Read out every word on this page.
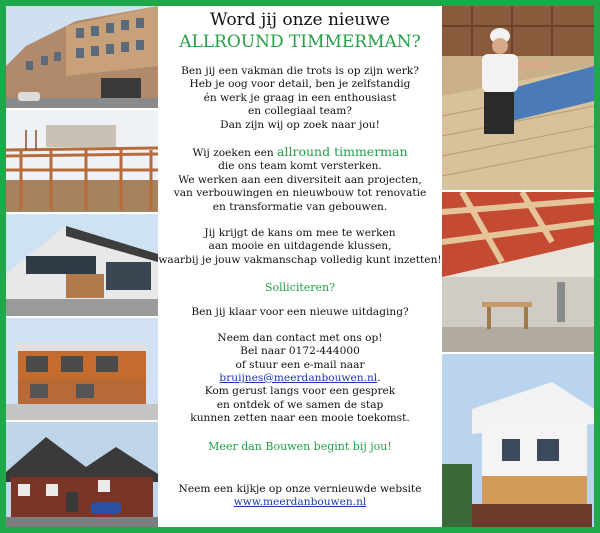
Word jij onze nieuwe
ALLROUND TIMMERMAN?
Ben jij een vakman die trots is op zijn werk?
Heb je oog voor detail, ben je zelfstandig
én werk je graag in een enthousiast
en collegiaal team?
Dan zijn wij op zoek naar jou!
Wij zoeken een allround timmerman
die ons team komt versterken.
We werken aan een diversiteit aan projecten,
van verbouwingen en nieuwbouw tot renovatie
en transformatie van gebouwen.
Jij krijgt de kans om mee te werken
aan mooie en uitdagende klussen,
waarbij je jouw vakmanschap volledig kunt inzetten!
Solliciteren?
Ben jij klaar voor een nieuwe uitdaging?
Neem dan contact met ons op!
Bel naar 0172-444000
of stuur een e-mail naar
bruijnes@meerdanbouwen.nl.
Kom gerust langs voor een gesprek
en ontdek of we samen de stap
kunnen zetten naar een mooie toekomst.
Meer dan Bouwen begint bij jou!
Neem een kijkje op onze vernieuwde website
www.meerdanbouwen.nl
